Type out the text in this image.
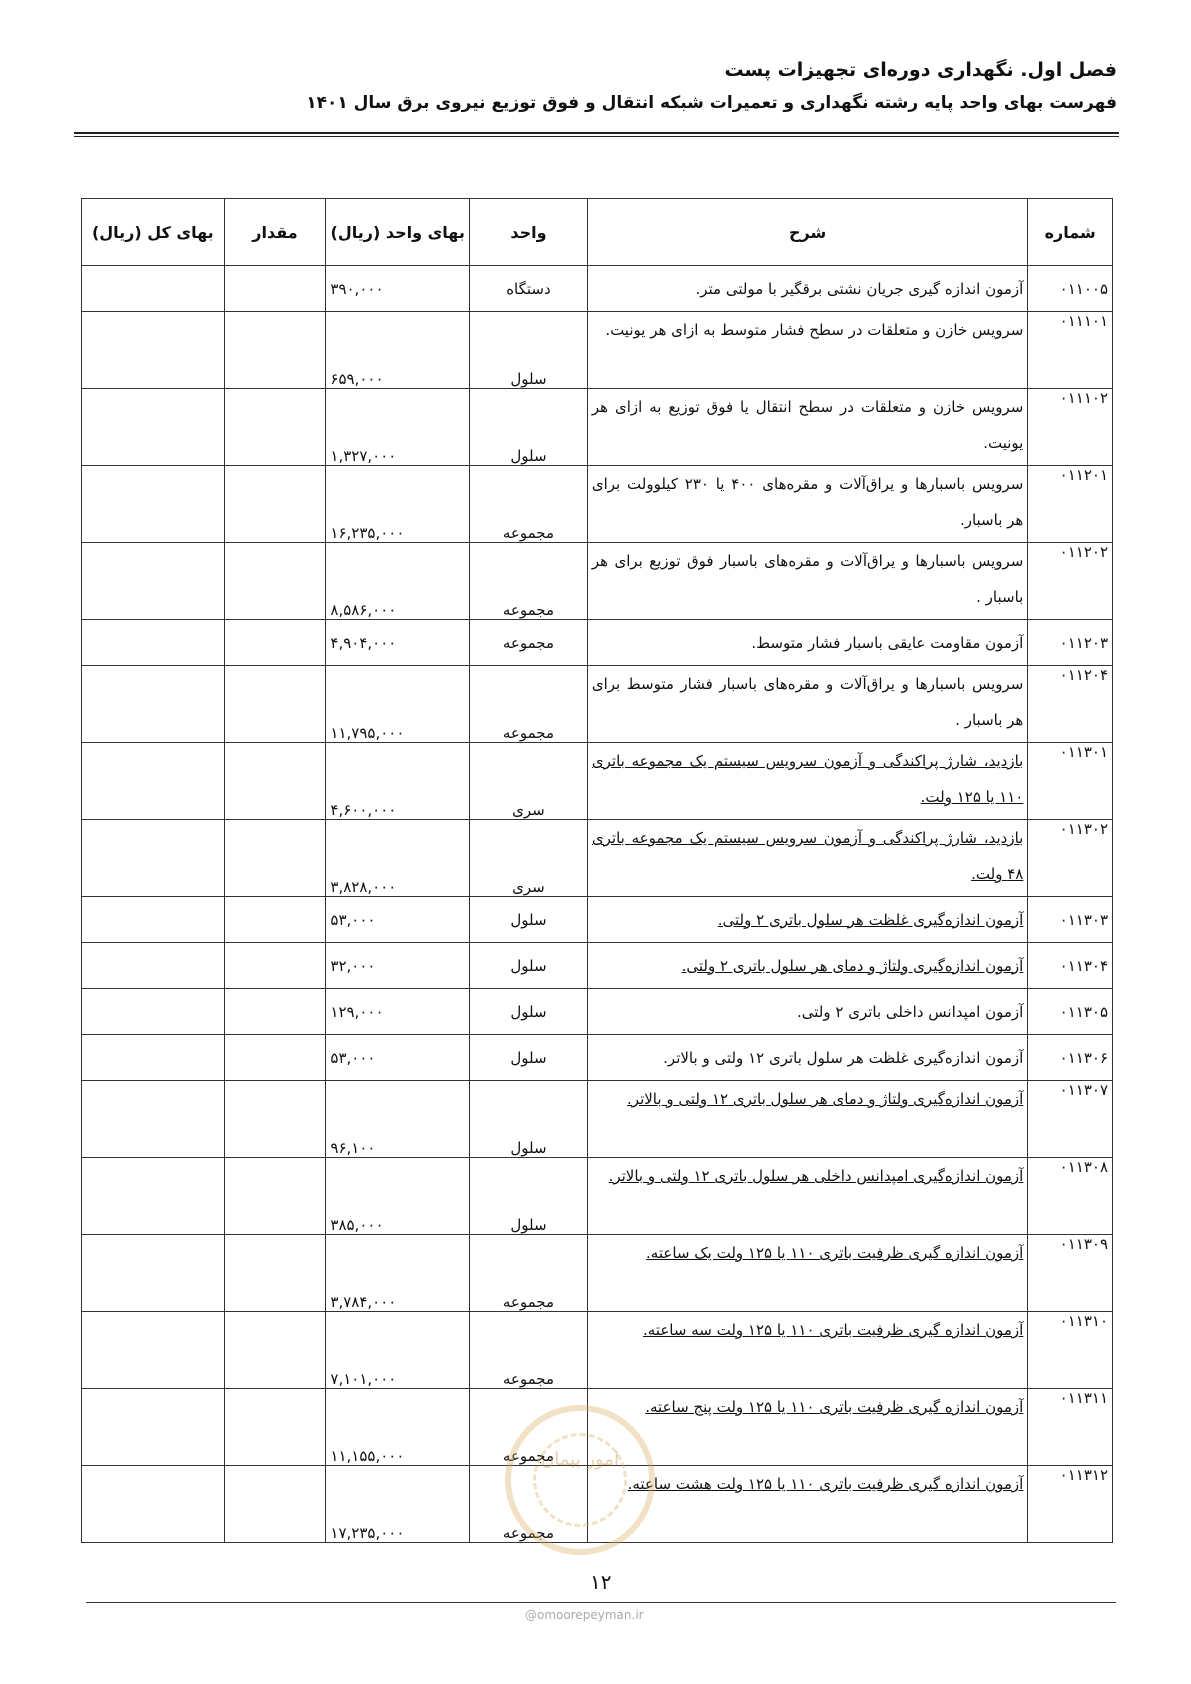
فصل اول. نگهداری دوره‌ای تجهیزات پست
فهرست بهای واحد پایه رشته نگهداری و تعمیرات شبکه انتقال و فوق توزیع نیروی برق سال ۱۴۰۱
شماره	شرح	واحد	بهای واحد (ریال)	مقدار	بهای کل (ریال)
۰۱۱۰۰۵	آزمون اندازه گیری جریان نشتی برقگیر با مولتی متر.	دستگاه	۳۹۰,۰۰۰		
۰۱۱۱۰۱	سرویس خازن و متعلقات در سطح فشار متوسط به ازای هر یونیت.	سلول	۶۵۹,۰۰۰		
۰۱۱۱۰۲	سرویس خازن و متعلقات در سطح انتقال یا فوق توزیع به ازای هر یونیت.	سلول	۱,۳۲۷,۰۰۰		
۰۱۱۲۰۱	سرویس باسبارها و یراق‌آلات و مقره‌های ۴۰۰ یا ۲۳۰ کیلوولت برای هر باسبار.	مجموعه	۱۶,۲۳۵,۰۰۰		
۰۱۱۲۰۲	سرویس باسبارها و یراق‌آلات و مقره‌های باسبار فوق توزیع برای هر باسبار .	مجموعه	۸,۵۸۶,۰۰۰		
۰۱۱۲۰۳	آزمون مقاومت عایقی باسبار فشار متوسط.	مجموعه	۴,۹۰۴,۰۰۰		
۰۱۱۲۰۴	سرویس باسبارها و یراق‌آلات و مقره‌های باسبار فشار متوسط برای هر باسبار .	مجموعه	۱۱,۷۹۵,۰۰۰		
۰۱۱۳۰۱	بازدید، شارژ پراکندگی و آزمون سرویس سیستم یک مجموعه باتری ۱۱۰ یا ۱۲۵ ولت.	سری	۴,۶۰۰,۰۰۰		
۰۱۱۳۰۲	بازدید، شارژ پراکندگی و آزمون سرویس سیستم یک مجموعه باتری ۴۸ ولت.	سری	۳,۸۲۸,۰۰۰		
۰۱۱۳۰۳	آزمون اندازه‌گیری غلظت هر سلول باتری ۲ ولتی.	سلول	۵۳,۰۰۰		
۰۱۱۳۰۴	آزمون اندازه‌گیری ولتاژ و دمای هر سلول باتری ۲ ولتی.	سلول	۳۲,۰۰۰		
۰۱۱۳۰۵	آزمون امپدانس داخلی باتری ۲ ولتی.	سلول	۱۲۹,۰۰۰		
۰۱۱۳۰۶	آزمون اندازه‌گیری غلظت هر سلول باتری ۱۲ ولتی و بالاتر.	سلول	۵۳,۰۰۰		
۰۱۱۳۰۷	آزمون اندازه‌گیری ولتاژ و دمای هر سلول باتری ۱۲ ولتی و بالاتر.	سلول	۹۶,۱۰۰		
۰۱۱۳۰۸	آزمون اندازه‌گیری امپدانس داخلی هر سلول باتری ۱۲ ولتی و بالاتر.	سلول	۳۸۵,۰۰۰		
۰۱۱۳۰۹	آزمون اندازه گیری ظرفیت باتری ۱۱۰ یا ۱۲۵ ولت یک ساعته.	مجموعه	۳,۷۸۴,۰۰۰		
۰۱۱۳۱۰	آزمون اندازه گیری ظرفیت باتری ۱۱۰ یا ۱۲۵ ولت سه ساعته.	مجموعه	۷,۱۰۱,۰۰۰		
۰۱۱۳۱۱	آزمون اندازه گیری ظرفیت باتری ۱۱۰ یا ۱۲۵ ولت پنج ساعته.	مجموعه	۱۱,۱۵۵,۰۰۰		
۰۱۱۳۱۲	آزمون اندازه گیری ظرفیت باتری ۱۱۰ یا ۱۲۵ ولت هشت ساعته.	مجموعه	۱۷,۲۳۵,۰۰۰		
امور پیمان
۱۲
@omoorepeyman.ir
